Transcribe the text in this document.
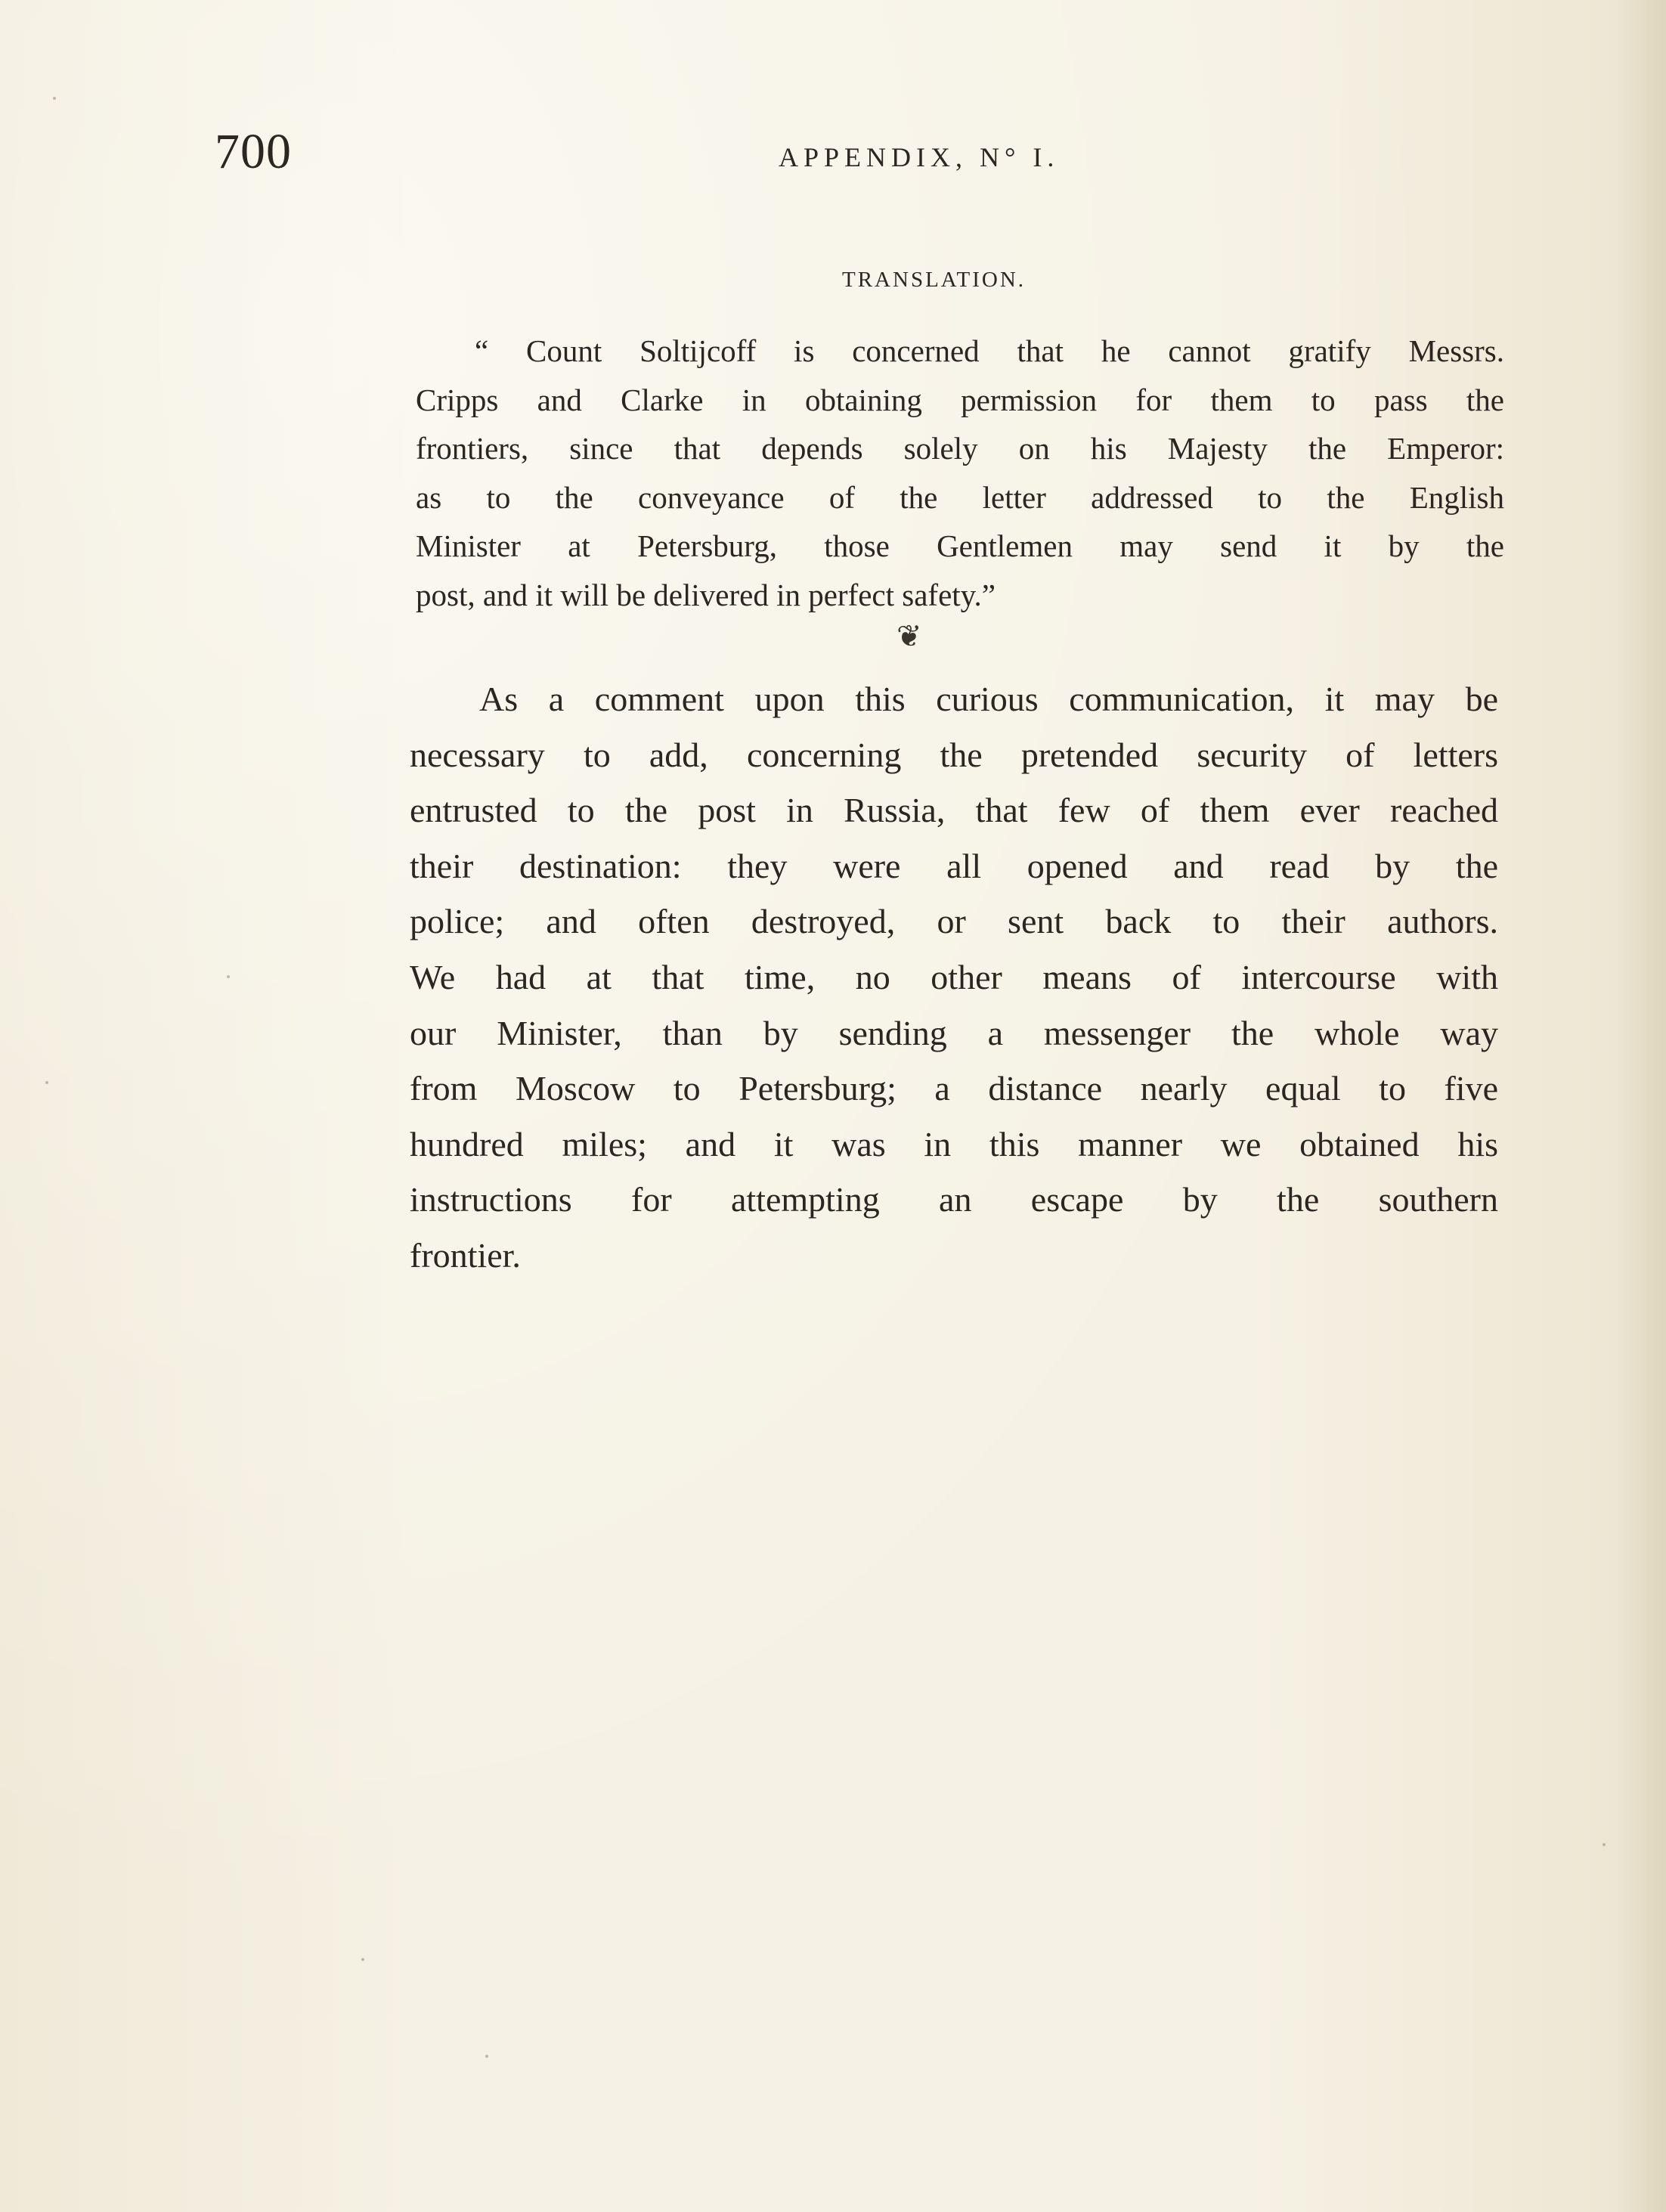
700	APPENDIX, N° I.
TRANSLATION.
“ Count Soltijcoff is concerned that he cannot gratify Messrs.
Cripps and Clarke in obtaining permission for them to pass the
frontiers, since that depends solely on his Majesty the Emperor:
as to the conveyance of the letter addressed to the English
Minister at Petersburg, those Gentlemen may send it by the
post, and it will be delivered in perfect safety.”
❦
As a comment upon this curious communication, it may be
necessary to add, concerning the pretended security of letters
entrusted to the post in Russia, that few of them ever reached
their destination: they were all opened and read by the
police; and often destroyed, or sent back to their authors.
We had at that time, no other means of intercourse with
our Minister, than by sending a messenger the whole way
from Moscow to Petersburg; a distance nearly equal to five
hundred miles; and it was in this manner we obtained his
instructions for attempting an escape by the southern
frontier.
